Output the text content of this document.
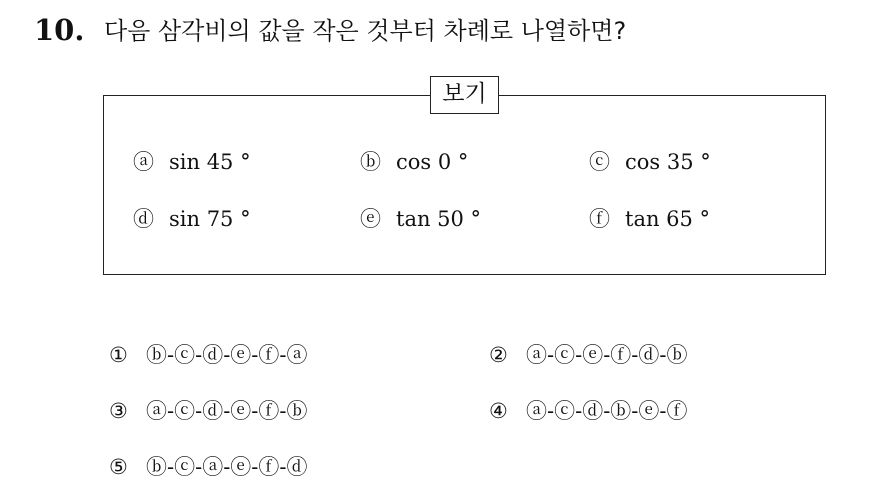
10. 다음 삼각비의 값을 작은 것부터 차례로 나열하면?
보기
ⓐ sin 45 °	ⓑ cos 0 °	ⓒ cos 35 °
ⓓ sin 75 °	ⓔ tan 50 °	ⓕ tan 65 °
① ⓑ-ⓒ-ⓓ-ⓔ-ⓕ-ⓐ	② ⓐ-ⓒ-ⓔ-ⓕ-ⓓ-ⓑ
③ ⓐ-ⓒ-ⓓ-ⓔ-ⓕ-ⓑ	④ ⓐ-ⓒ-ⓓ-ⓑ-ⓔ-ⓕ
⑤ ⓑ-ⓒ-ⓐ-ⓔ-ⓕ-ⓓ
